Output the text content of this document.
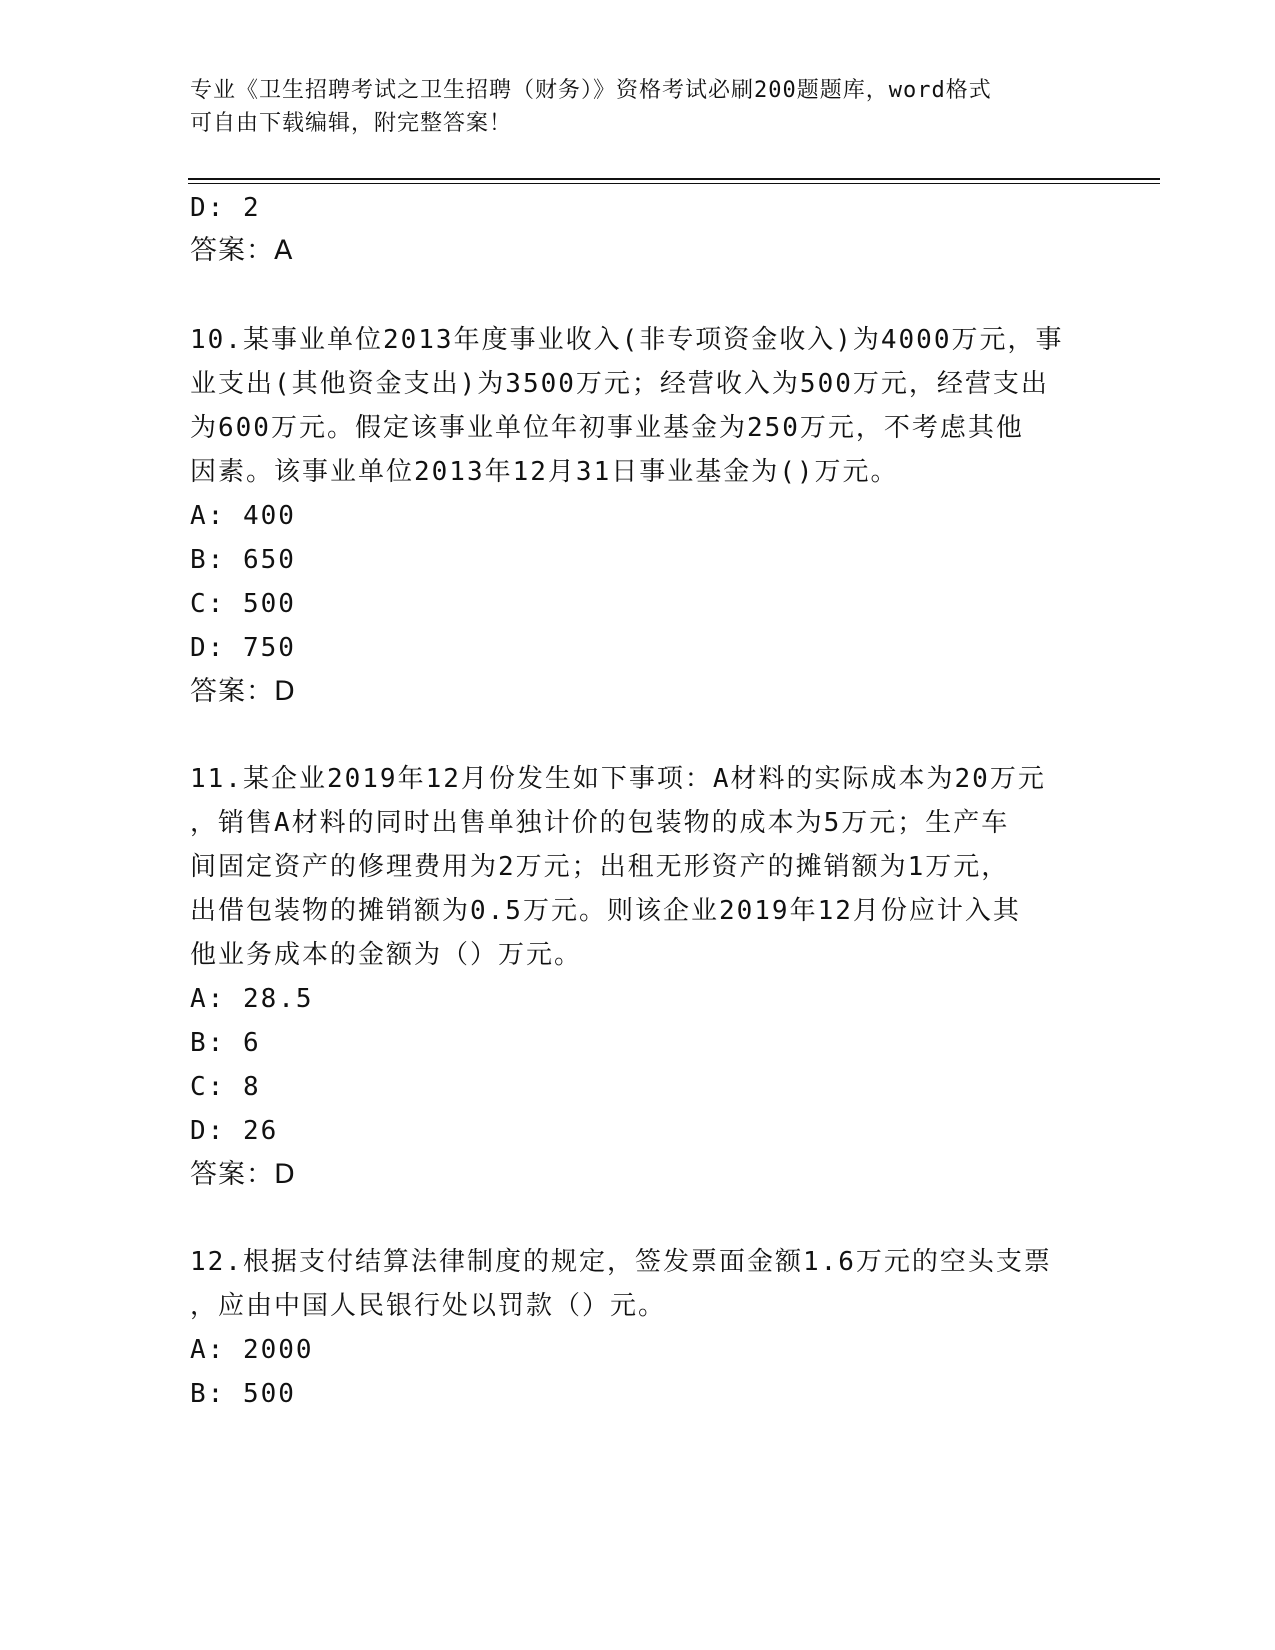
专业《卫生招聘考试之卫生招聘（财务）》资格考试必刷200题题库，word格式
可自由下载编辑，附完整答案！
D: 2
答案：A
10.某事业单位2013年度事业收入(非专项资金收入)为4000万元，事
业支出(其他资金支出)为3500万元；经营收入为500万元，经营支出
为600万元。假定该事业单位年初事业基金为250万元，不考虑其他
因素。该事业单位2013年12月31日事业基金为()万元。
A: 400
B: 650
C: 500
D: 750
答案：D
11.某企业2019年12月份发生如下事项：A材料的实际成本为20万元
，销售A材料的同时出售单独计价的包装物的成本为5万元；生产车
间固定资产的修理费用为2万元；出租无形资产的摊销额为1万元，
出借包装物的摊销额为0.5万元。则该企业2019年12月份应计入其
他业务成本的金额为（）万元。
A: 28.5
B: 6
C: 8
D: 26
答案：D
12.根据支付结算法律制度的规定，签发票面金额1.6万元的空头支票
，应由中国人民银行处以罚款（）元。
A: 2000
B: 500
